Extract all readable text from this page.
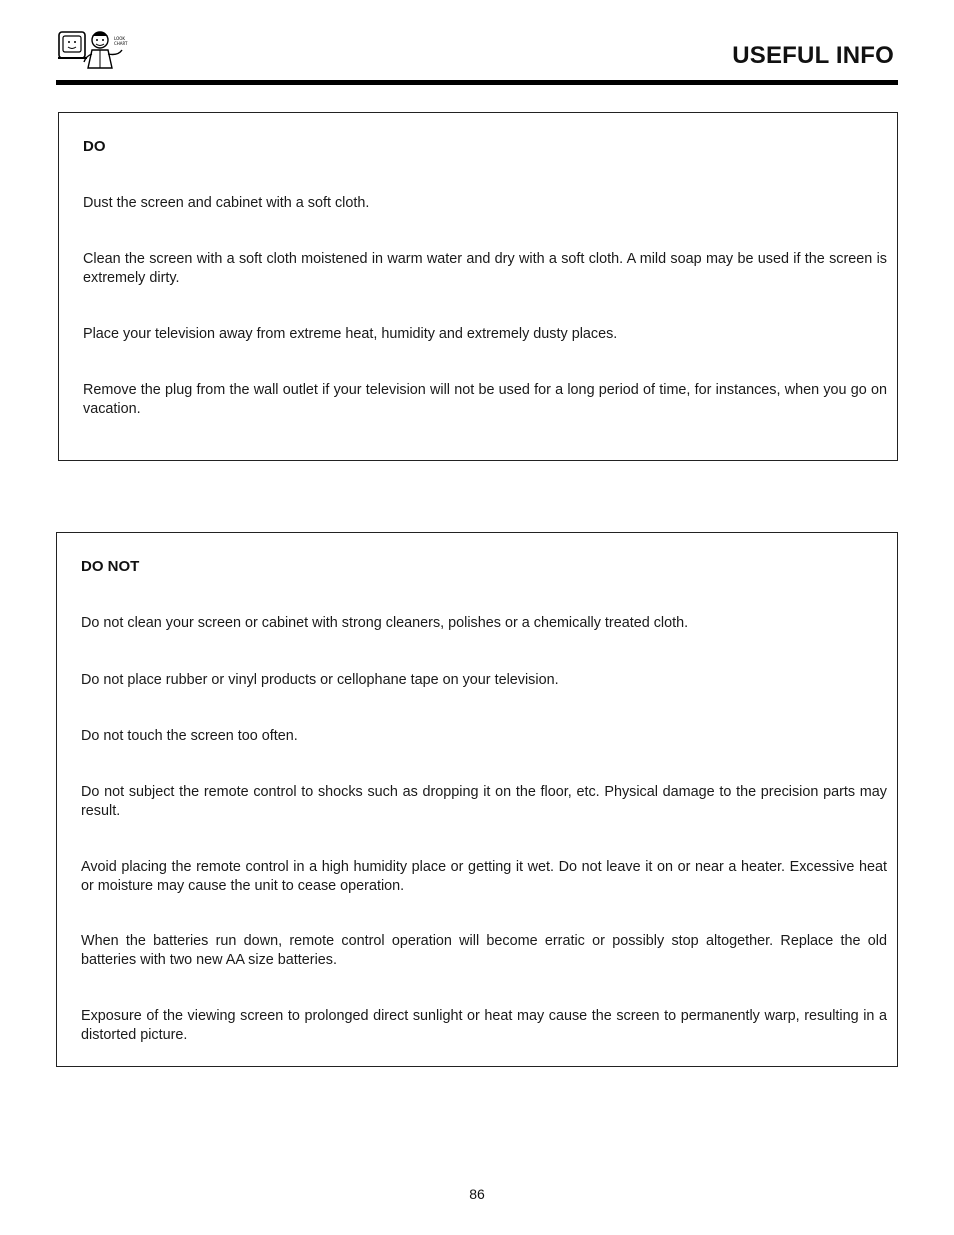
LOOK
CHART	USEFUL INFO
DO
Dust the screen and cabinet with a soft cloth.
Clean the screen with a soft cloth moistened in warm water and dry with a soft cloth. A mild soap may be used if the screen is extremely dirty.
Place your television away from extreme heat, humidity and extremely dusty places.
Remove the plug from the wall outlet if your television will not be used for a long period of time, for instances, when you go on vacation.
DO NOT
Do not clean your screen or cabinet with strong cleaners, polishes or a chemically treated cloth.
Do not place rubber or vinyl products or cellophane tape on your television.
Do not touch the screen too often.
Do not subject the remote control to shocks such as dropping it on the floor, etc. Physical damage to the precision parts may result.
Avoid placing the remote control in a high humidity place or getting it wet. Do not leave it on or near a heater. Excessive heat or moisture may cause the unit to cease operation.
When the batteries run down, remote control operation will become erratic or possibly stop altogether. Replace the old batteries with two new AA size batteries.
Exposure of the viewing screen to prolonged direct sunlight or heat may cause the screen to permanently warp, resulting in a distorted picture.
86
